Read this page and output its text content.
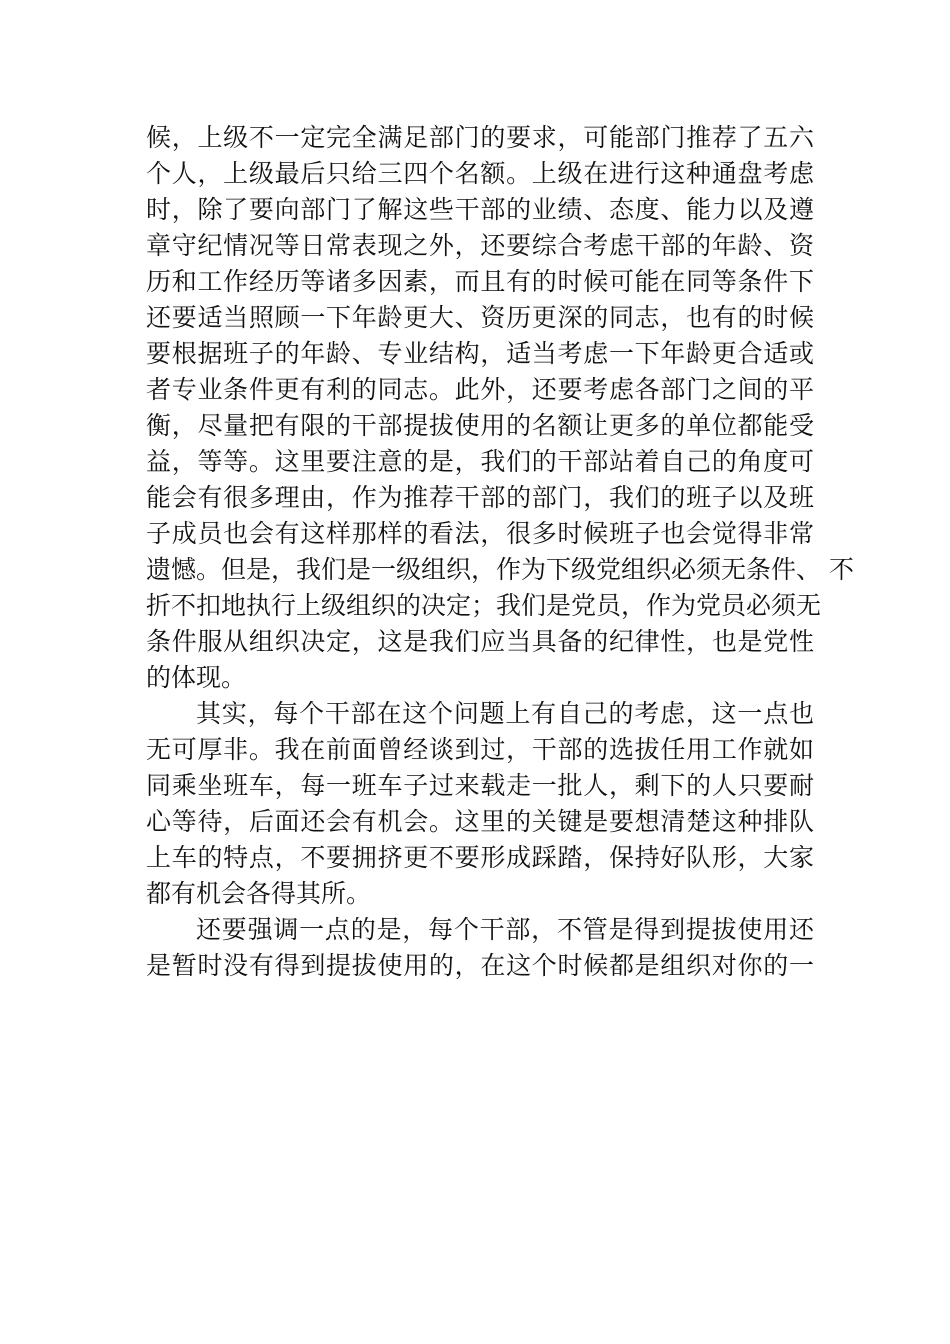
候，上级不一定完全满足部门的要求，可能部门推荐了五六
个人，上级最后只给三四个名额。上级在进行这种通盘考虑
时，除了要向部门了解这些干部的业绩、态度、能力以及遵
章守纪情况等日常表现之外，还要综合考虑干部的年龄、资
历和工作经历等诸多因素，而且有的时候可能在同等条件下
还要适当照顾一下年龄更大、资历更深的同志，也有的时候
要根据班子的年龄、专业结构，适当考虑一下年龄更合适或
者专业条件更有利的同志。此外，还要考虑各部门之间的平
衡，尽量把有限的干部提拔使用的名额让更多的单位都能受
益，等等。这里要注意的是，我们的干部站着自己的角度可
能会有很多理由，作为推荐干部的部门，我们的班子以及班
子成员也会有这样那样的看法，很多时候班子也会觉得非常
遗憾。但是，我们是一级组织，作为下级党组织必须无条件、 不
折不扣地执行上级组织的决定；我们是党员，作为党员必须无
条件服从组织决定，这是我们应当具备的纪律性，也是党性
的体现。
其实，每个干部在这个问题上有自己的考虑，这一点也
无可厚非。我在前面曾经谈到过，干部的选拔任用工作就如
同乘坐班车，每一班车子过来载走一批人，剩下的人只要耐
心等待，后面还会有机会。这里的关键是要想清楚这种排队
上车的特点，不要拥挤更不要形成踩踏，保持好队形，大家
都有机会各得其所。
还要强调一点的是，每个干部，不管是得到提拔使用还
是暂时没有得到提拔使用的，在这个时候都是组织对你的一
